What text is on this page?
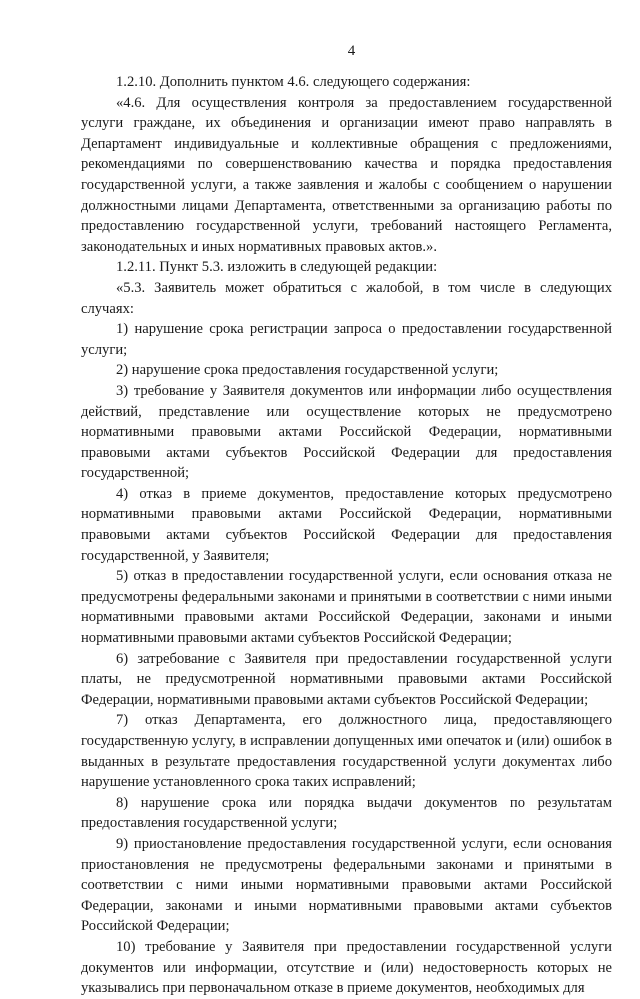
4

1.2.10. Дополнить пунктом 4.6. следующего содержания:

«4.6. Для осуществления контроля за предоставлением государственной услуги граждане, их объединения и организации имеют право направлять в Департамент индивидуальные и коллективные обращения с предложениями, рекомендациями по совершенствованию качества и порядка предоставления государственной услуги, а также заявления и жалобы с сообщением о нарушении должностными лицами Департамента, ответственными за организацию работы по предоставлению государственной услуги, требований настоящего Регламента, законодательных и иных нормативных правовых актов.».

1.2.11. Пункт 5.3. изложить в следующей редакции:

«5.3. Заявитель может обратиться с жалобой, в том числе в следующих случаях:

1) нарушение срока регистрации запроса о предоставлении государственной услуги;

2) нарушение срока предоставления государственной услуги;

3) требование у Заявителя документов или информации либо осуществления действий, представление или осуществление которых не предусмотрено нормативными правовыми актами Российской Федерации, нормативными правовыми актами субъектов Российской Федерации для предоставления государственной;

4) отказ в приеме документов, предоставление которых предусмотрено нормативными правовыми актами Российской Федерации, нормативными правовыми актами субъектов Российской Федерации для предоставления государственной, у Заявителя;

5) отказ в предоставлении государственной услуги, если основания отказа не предусмотрены федеральными законами и принятыми в соответствии с ними иными нормативными правовыми актами Российской Федерации, законами и иными нормативными правовыми актами субъектов Российской Федерации;

6) затребование с Заявителя при предоставлении государственной услуги платы, не предусмотренной нормативными правовыми актами Российской Федерации, нормативными правовыми актами субъектов Российской Федерации;

7) отказ Департамента, его должностного лица, предоставляющего государственную услугу, в исправлении допущенных ими опечаток и (или) ошибок в выданных в результате предоставления государственной услуги документах либо нарушение установленного срока таких исправлений;

8) нарушение срока или порядка выдачи документов по результатам предоставления государственной услуги;

9) приостановление предоставления государственной услуги, если основания приостановления не предусмотрены федеральными законами и принятыми в соответствии с ними иными нормативными правовыми актами Российской Федерации, законами и иными нормативными правовыми актами субъектов Российской Федерации;

10) требование у Заявителя при предоставлении государственной услуги документов или информации, отсутствие и (или) недостоверность которых не указывались при первоначальном отказе в приеме документов, необходимых для
